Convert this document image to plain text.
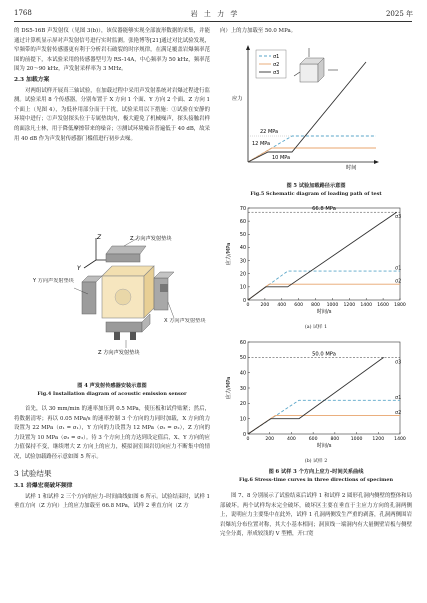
1768	岩 土 力 学	2025 年

的 DS5-16B 声发射仪（见图 3(b)），该仪器能够实现全部波形数据的采集，并能通过计算机显示屏对声发射信号进行实时监测。张艳博等[21]通过对比试验发现，窄频带的声发射传感器更有利于分析岩石破裂的时序规律，在满足覆盖岩爆频率范围的前提下，本试验采用的传感器型号为 RS-14A，中心频率为 50 kHz，频率范围为 20～90 kHz，声发射采样率为 3 MHz。

2.3 加载方案

对两组试样开展真三轴试验，在加载过程中采用声发射系统对岩爆过程进行监测。试验采用 8 个传感器，分别布置于 X 方向 1 个面、Y 方向 2 个面、Z 方向 1 个面上（见图 4），为低补用部分而于干扰，试验采用以下措施：①试验在安静的环境中进行；②声发射探头位于专属垫块内，极大避免了机械噪声，探头接触岩样的面涂凡士林，用于降低摩擦带来的噪音；③测试环境噪音普遍低于 40 dB，故采用 40 dB 作为声发射传感器门槛值进行初步去噪。

Z
Y
Z 方向声发射垫块
Y 方向声发射垫块
X 方向声发射垫块
Z 方向声发射垫块
图 4 声发射传感器安装示意图
Fig.4 Installation diagram of acoustic emission sensor

首先，以 30 mm/min 的速率加压到 0.5 MPa，使压板和试件贴紧；然后，将数据清零；再以 0.05 MPa/s 的速率控制 3 个方向的力同时加载，X 方向的力设置为 22 MPa（σ₁ = σ₁），Y 方向的力设置为 12 MPa（σ₂ = σ₂），Z 方向的力设置为 10 MPa（σ₃ = σ₃）。待 3 个方向上的力达到设定值后，X、Y 方向的应力值保持不变，继续增大 Z 方向上的应力，模拟洞室围岩切向应力不断集中的情况，试验加载路径示意如图 5 所示。

3 试验结果
3.1 岩爆宏观破坏频律

试样 1 和试样 2 三个方向的应力–时间曲线如图 6 所示。试验结束时，试样 1 垂直方向（Z 方向）上的应力加载至 66.8 MPa，试样 2 垂直方向（Z 方

向）上的力加载至 50.0 MPa。

应力
时间
22 MPa
12 MPa
10 MPa
σ1
σ2
σ3
图 5 试验加载路径示意图
Fig.5 Schematic diagram of loading path of test
0
10
20
30
40
50
60
70
0 200 400 600 800 1000 1200 1400 1600 1800
时间/s
应力/MPa
66.8 MPa
σ1
σ2
σ3
(a) 试样 1
0
10
20
30
40
50
60
0	200	400	600	800 1000 1200 1400
时间/s
应力/MPa
50.0 MPa
σ1
σ2
σ3
(b) 试样 2
图 6 试样 3 个方向上应力–时间关系曲线
Fig.6 Stress-time curves in three directions of specimen

图 7、8 分别展示了试验结束后试样 1 和试样 2 圆形孔洞内侧壁的整体和局部破坏。两个试样均未完全破坏，破坏区主要在垂直于主应力方向的孔洞两侧上，说明应力主要集中在此外，试样 1 孔洞两侧发生严重的剥落，孔洞两侧围岩岩爆坑分布位置对称，其大小基本相同；洞顶线一端洞内有大量侧壁岩板与侧壁完全分离，形成较浅的 V 型槽，开口宽
